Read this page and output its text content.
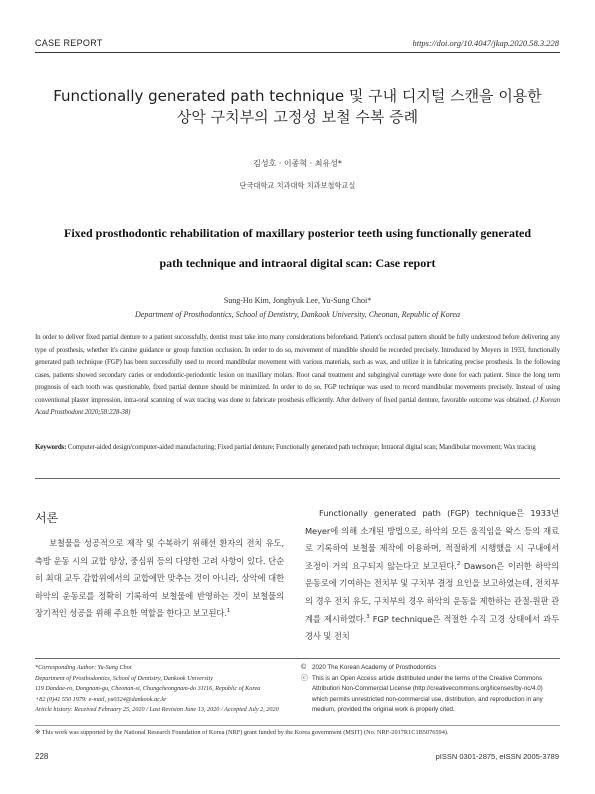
CASE REPORT	https://doi.org/10.4047/jkap.2020.58.3.228
Functionally generated path technique 및 구내 디지털 스캔을 이용한
상악 구치부의 고정성 보철 수복 증례
김성호 · 이종혁 · 최유성*
단국대학교 치과대학 치과보철학교실
Fixed prosthodontic rehabilitation of maxillary posterior teeth using functionally generated
path technique and intraoral digital scan: Case report
Sung-Ho Kim, Jonghyuk Lee, Yu-Sung Choi*
Department of Prosthodontics, School of Dentistry, Dankook University, Cheonan, Republic of Korea
In order to deliver fixed partial denture to a patient successfully, dentist must take into many considerations beforehand. Patient's occlusal pattern should be fully understood before delivering any type of prosthesis, whether it's canine guidance or group function occlusion. In order to do so, movement of mandible should be recorded precisely. Introduced by Meyers in 1933, functionally generated path technique (FGP) has been successfully used to record mandibular movement with various materials, such as wax, and utilize it in fabricating precise prosthesis. In the following cases, patients showed secondary caries or endodontic-periodontic lesion on maxillary molars. Root canal treatment and subgingival curettage were done for each patient. Since the long term prognosis of each tooth was questionable, fixed partial denture should be minimized. In order to do so, FGP technique was used to record mandibular movements precisely. Instead of using conventional plaster impression, intra-oral scanning of wax tracing was done to fabricate prosthesis efficiently. After delivery of fixed partial denture, favorable outcome was obtained. (J Korean Acad Prosthodont 2020;58:228-38)
Keywords: Computer-aided design/computer-aided manufacturing; Fixed partial denture; Functionally generated path technique; Intraoral digital scan; Mandibular movement; Wax tracing
서론

보철물을 성공적으로 제작 및 수복하기 위해선 환자의 전치 유도, 측방 운동 시의 교합 양상, 중심위 등의 다양한 고려 사항이 있다. 단순히 최대 교두 감합위에서의 교합에만 맞추는 것이 아니라, 상악에 대한 하악의 운동로를 정확히 기록하여 보철물에 반영하는 것이 보철물의 장기적인 성공을 위해 주요한 역할을 한다고 보고된다.$^1$

Functionally generated path (FGP) technique은 1933년 Meyer에 의해 소개된 방법으로, 하악의 모든 움직임을 왁스 등의 재료로 기록하여 보철물 제작에 이용하며, 적절하게 시행했을 시 구내에서 조정이 거의 요구되지 않는다고 보고된다.$^2$ Dawson은 이러한 하악의 운동로에 기여하는 전치부 및 구치부 결정 요인을 보고하였는데, 전치부의 경우 전치 유도, 구치부의 경우 하악의 운동을 제한하는 관절-원판 관계를 제시하였다.$^3$ FGP technique은 적절한 수직 고경 상태에서 과두 경사 및 전치

*Corresponding Author: Yu-Sung Choi
Department of Prosthodontics, School of Dentistry, Dankook University
119 Dandae-ro, Dongnam-gu, Cheonan-si, Chungcheongnam-do 31116, Republic of Korea
+82 (0)41 550 1979: e-mail, yu0324@dankook.ac.kr
Article history: Received February 25, 2020 / Last Revision June 13, 2020 / Accepted July 2, 2020
© 2020 The Korean Academy of Prosthodontics
ⓒ This is an Open Access article distributed under the terms of the Creative Commons Attribution Non-Commercial License (http://creativecommons.org/licenses/by-nc/4.0) which permits unrestricted non-commercial use, distribution, and reproduction in any medium, provided the original work is properly cited.
※ This work was supported by the National Research Foundation of Korea (NRF) grant funded by the Korea government (MSIT) (No. NRF-2017R1C1B5076594).
228	pISSN 0301-2875, eISSN 2005-3789
